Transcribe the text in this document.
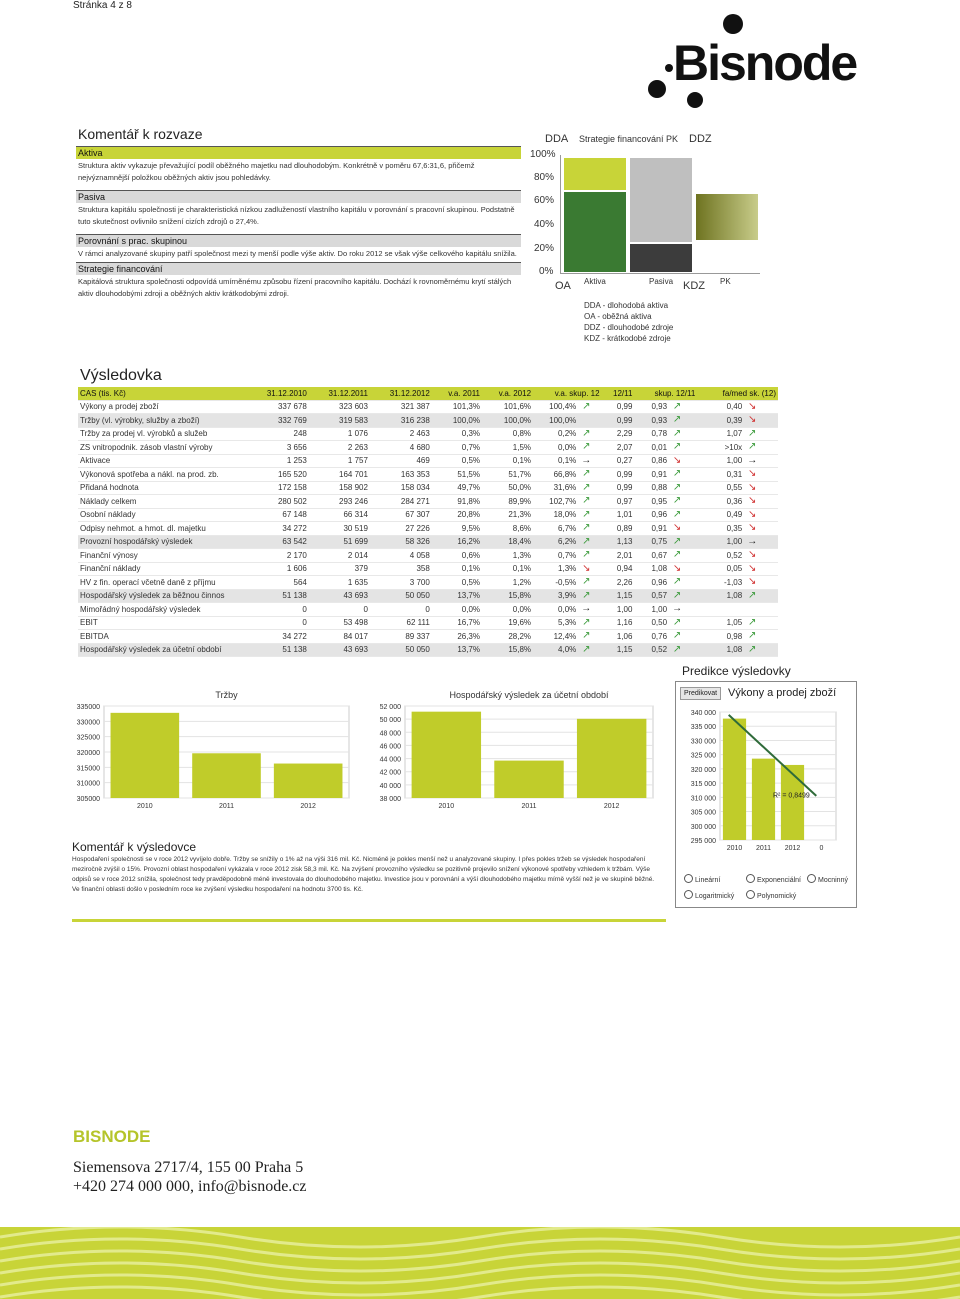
Stránka 4 z 8
Bisnode
Komentář k rozvaze
Aktiva
Struktura aktiv vykazuje převažující podíl oběžného majetku nad dlouhodobým. Konkrétně v poměru 67,6:31,6, přičemž nejvýznamnější položkou oběžných aktiv jsou pohledávky.
Pasiva
Struktura kapitálu společnosti je charakteristická nízkou zadlužeností vlastního kapitálu v porovnání s pracovní skupinou. Podstatně tuto skutečnost ovlivnilo snížení cizích zdrojů o 27,4%.
Porovnání s prac. skupinou
V rámci analyzované skupiny patří společnost mezi ty menší podle výše aktiv. Do roku 2012 se však výše celkového kapitálu snížila.
Strategie financování
Kapitálová struktura společnosti odpovídá umírněnému způsobu řízení pracovního kapitálu. Dochází k rovnoměrnému krytí stálých aktiv dlouhodobými zdroji a oběžných aktiv krátkodobými zdroji.
DDA Strategie financování PK DDZ
100%
80%
60%
40%
20%
0%
OA Aktiva	Pasiva KDZ PK
DDA - dlohodobá aktiva
OA - oběžná aktiva
DDZ - dlouhodobé zdroje
KDZ - krátkodobé zdroje
Výsledovka
CAS (tis. Kč)	31.12.2010	31.12.2011	31.12.2012	v.a. 2011	v.a. 2012	v.a. skup. 12		12/11	skup. 12/11		fa/med sk. (12)	
Výkony a prodej zboží	337 678	323 603	321 387	101,3%	101,6%	100,4%	↗	0,99	0,93	↗	0,40	↘
Tržby (vl. výrobky, služby a zboží)	332 769	319 583	316 238	100,0%	100,0%	100,0%		0,99	0,93	↗	0,39	↘
Tržby za prodej vl. výrobků a služeb	248	1 076	2 463	0,3%	0,8%	0,2%	↗	2,29	0,78	↗	1,07	↗
ZS vnitropodnik. zásob vlastní výroby	3 656	2 263	4 680	0,7%	1,5%	0,0%	↗	2,07	0,01	↗	>10x	↗
Aktivace	1 253	1 757	469	0,5%	0,1%	0,1%	→	0,27	0,86	↘	1,00	→
Výkonová spotřeba a nákl. na prod. zb.	165 520	164 701	163 353	51,5%	51,7%	66,8%	↗	0,99	0,91	↗	0,31	↘
Přidaná hodnota	172 158	158 902	158 034	49,7%	50,0%	31,6%	↗	0,99	0,88	↗	0,55	↘
Náklady celkem	280 502	293 246	284 271	91,8%	89,9%	102,7%	↗	0,97	0,95	↗	0,36	↘
Osobní náklady	67 148	66 314	67 307	20,8%	21,3%	18,0%	↗	1,01	0,96	↗	0,49	↘
Odpisy nehmot. a hmot. dl. majetku	34 272	30 519	27 226	9,5%	8,6%	6,7%	↗	0,89	0,91	↘	0,35	↘
Provozní hospodářský výsledek	63 542	51 699	58 326	16,2%	18,4%	6,2%	↗	1,13	0,75	↗	1,00	→
Finanční výnosy	2 170	2 014	4 058	0,6%	1,3%	0,7%	↗	2,01	0,67	↗	0,52	↘
Finanční náklady	1 606	379	358	0,1%	0,1%	1,3%	↘	0,94	1,08	↘	0,05	↘
HV z fin. operací včetně daně z příjmu	564	1 635	3 700	0,5%	1,2%	-0,5%	↗	2,26	0,96	↗	-1,03	↘
Hospodářský výsledek za běžnou činnos	51 138	43 693	50 050	13,7%	15,8%	3,9%	↗	1,15	0,57	↗	1,08	↗
Mimořádný hospodářský výsledek	0	0	0	0,0%	0,0%	0,0%	→	1,00	1,00	→		
EBIT	0	53 498	62 111	16,7%	19,6%	5,3%	↗	1,16	0,50	↗	1,05	↗
EBITDA	34 272	84 017	89 337	26,3%	28,2%	12,4%	↗	1,06	0,76	↗	0,98	↗
Hospodářský výsledek za účetní období	51 138	43 693	50 050	13,7%	15,8%	4,0%	↗	1,15	0,52	↗	1,08	↗
335000
330000
325000
320000
315000
310000
305000
2010	2011	2012
Tržby
52 000
50 000
48 000
46 000
44 000
42 000
40 000
38 000
2010	2011	2012
Hospodářský výsledek za účetní období
Predikce výsledovky
Predikovat Výkony a prodej zboží
340 000
335 000
330 000
325 000
320 000
315 000
310 000
305 000
300 000
295 000
2010 2011 2012	0
R² = 0,8499
Lineární	Exponenciální	Mocninný
Logaritmický	Polynomický
Komentář k výsledovce
Hospodaření společnosti se v roce 2012 vyvíjelo dobře. Tržby se snížily o 1% až na výši 316 mil. Kč. Nicméně je pokles menší než u analyzované skupiny. I přes pokles tržeb se výsledek hospodaření meziročně zvýšil o 15%. Provozní oblast hospodaření vykázala v roce 2012 zisk 58,3 mil. Kč. Na zvýšení provozního výsledku se pozitivně projevilo snížení výkonové spotřeby vzhledem k tržbám. Výše odpisů se v roce 2012 snížila, společnost tedy pravděpodobně méně investovala do dlouhodobého majetku. Investice jsou v porovnání a výší dlouhodobého majetku mírně vyšší než je ve skupině běžné. Ve finanční oblasti došlo v posledním roce ke zvýšení výsledku hospodaření na hodnotu 3700 tis. Kč.
BISNODE
Siemensova 2717/4, 155 00 Praha 5
+420 274 000 000, info@bisnode.cz
